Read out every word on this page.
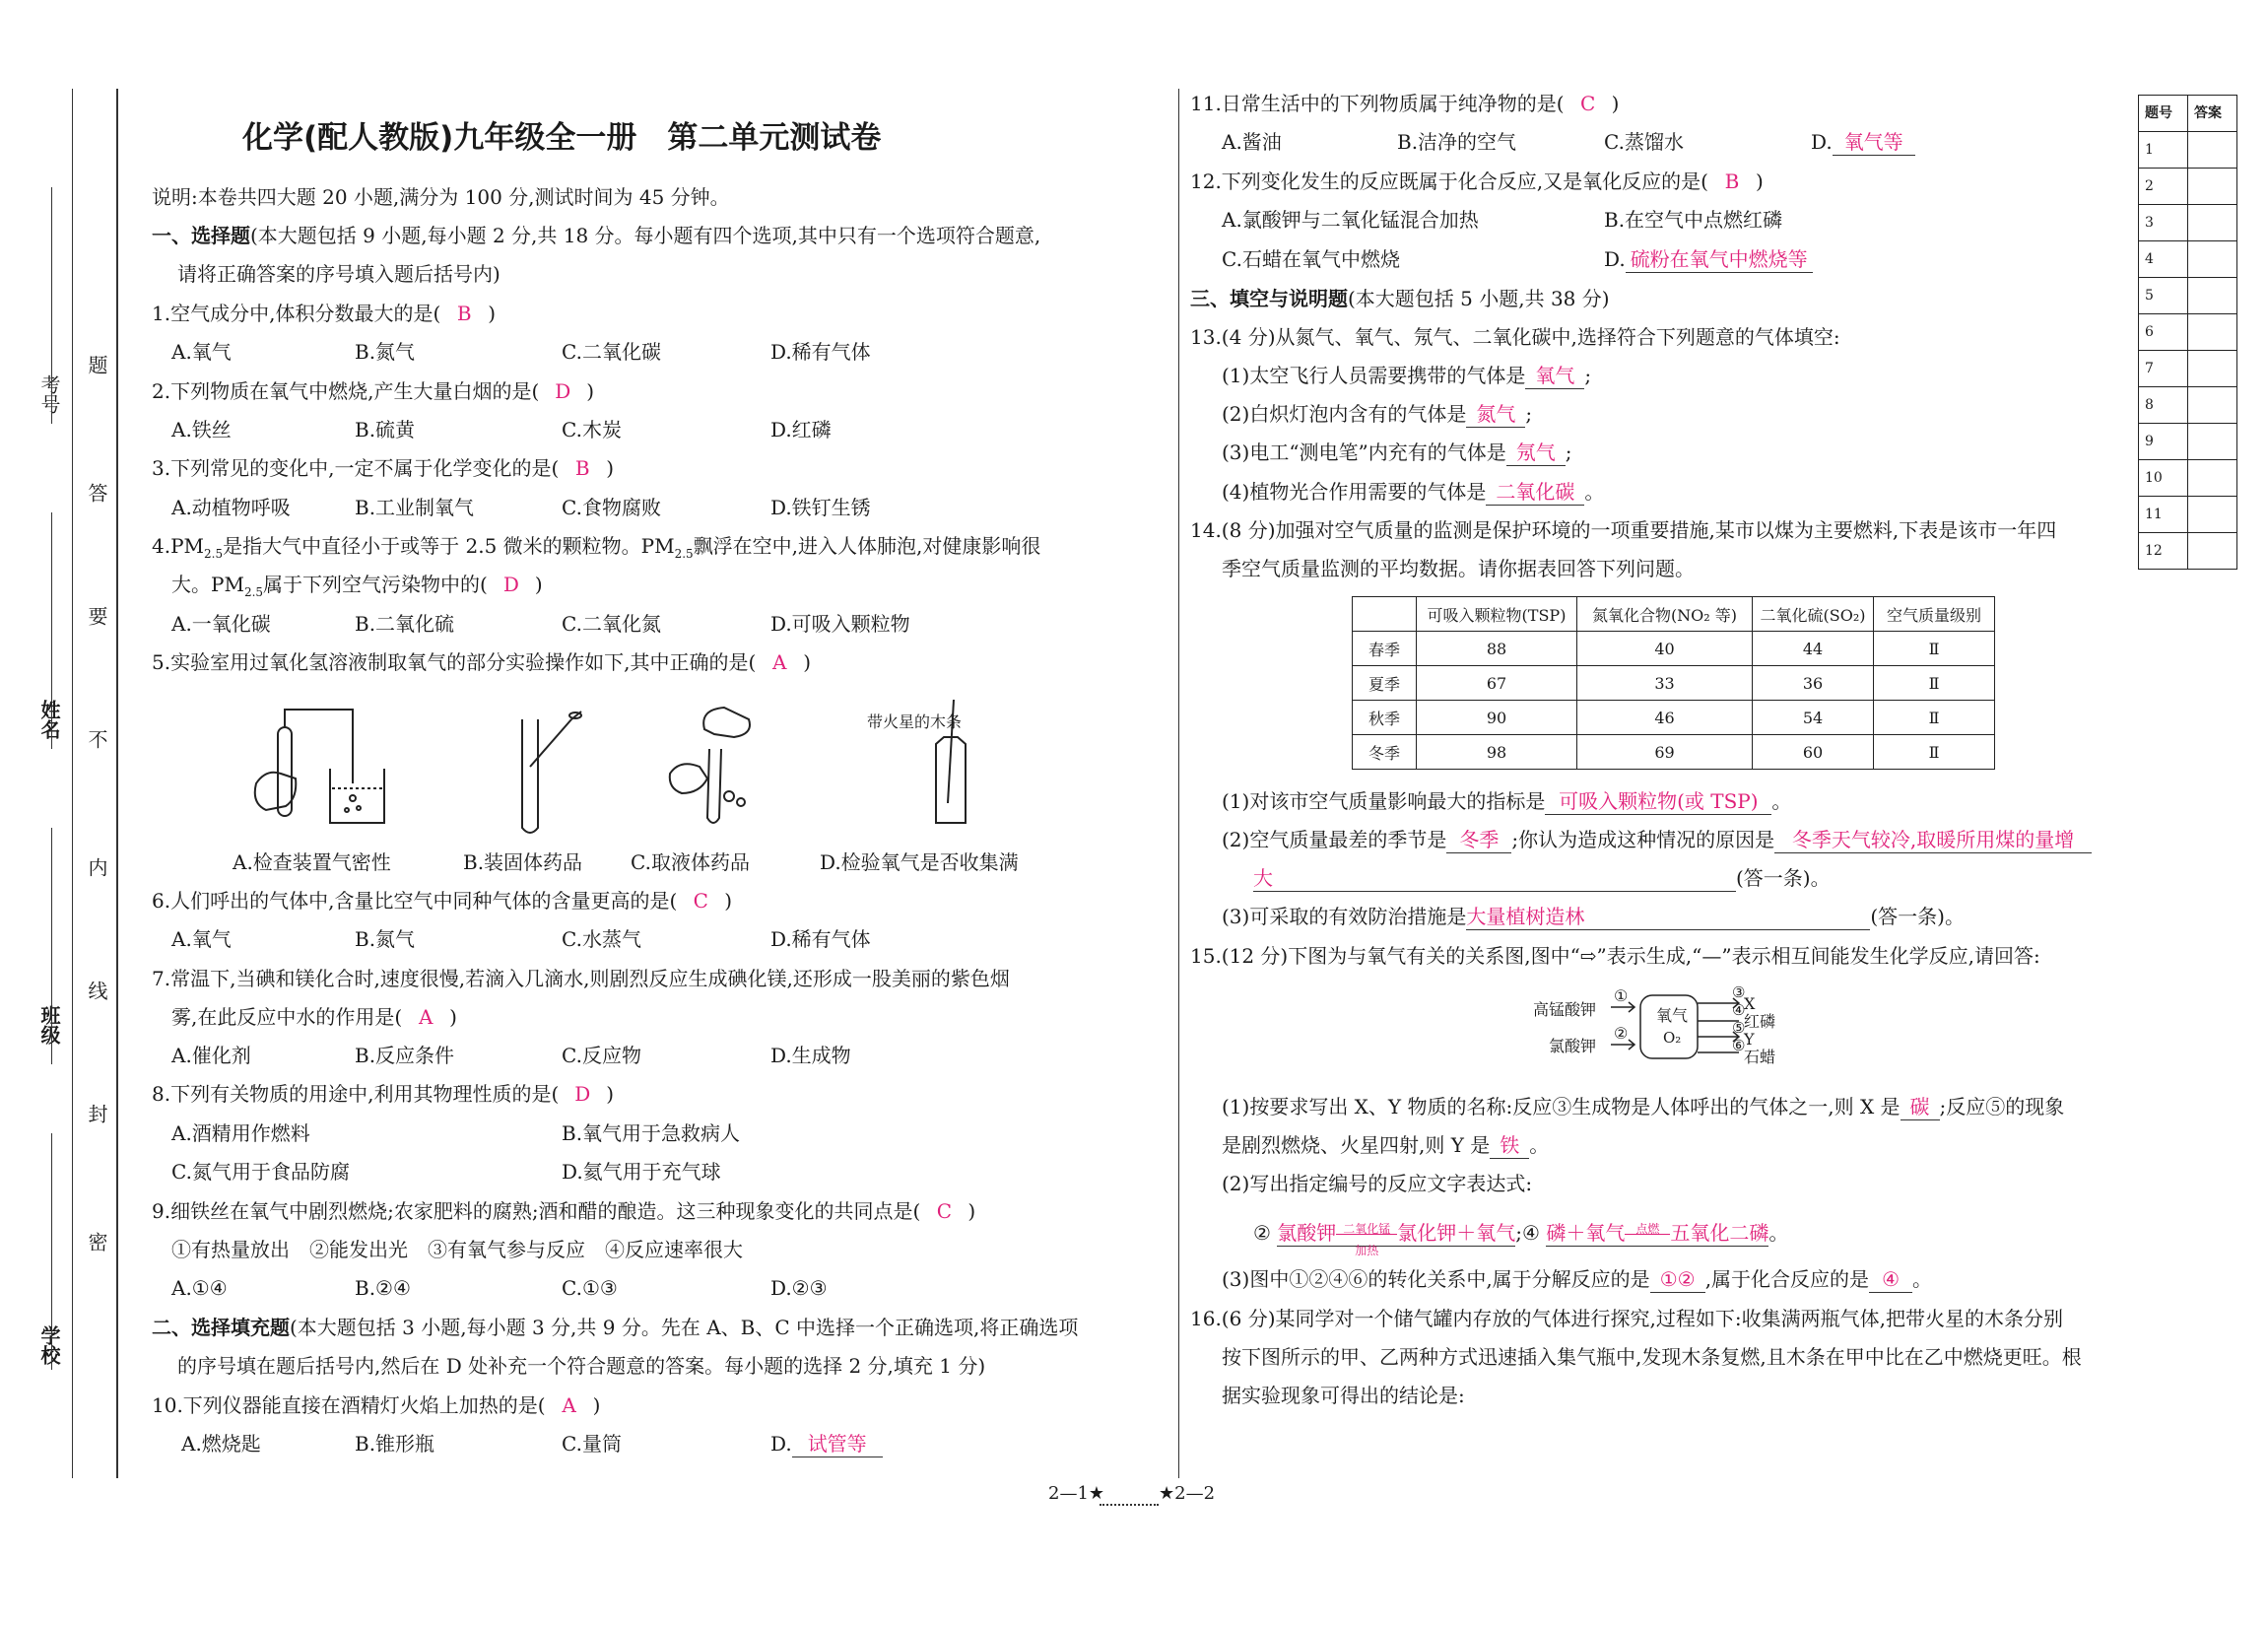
考号
姓名
班级
学校
题
答
要
不
内
线
封
密
化学(配人教版)九年级全一册　第二单元测试卷
说明:本卷共四大题 20 小题,满分为 100 分,测试时间为 45 分钟。
一、选择题(本大题包括 9 小题,每小题 2 分,共 18 分。每小题有四个选项,其中只有一个选项符合题意,
请将正确答案的序号填入题后括号内)
1.空气成分中,体积分数最大的是( B )
A.氧气	B.氮气	C.二氧化碳	D.稀有气体
2.下列物质在氧气中燃烧,产生大量白烟的是( D )
A.铁丝	B.硫黄	C.木炭	D.红磷
3.下列常见的变化中,一定不属于化学变化的是( B )
A.动植物呼吸	B.工业制氧气	C.食物腐败	D.铁钉生锈
$4.PM_{2.5}$是指大气中直径小于或等于 2.5 微米的颗粒物。$PM_{2.5}$飘浮在空中,进入人体肺泡,对健康影响很
大。$PM_{2.5}$属于下列空气污染物中的( D )
A.一氧化碳	B.二氧化硫	C.二氧化氮	D.可吸入颗粒物
5.实验室用过氧化氢溶液制取氧气的部分实验操作如下,其中正确的是( A )
带火星的木条
A.检查装置气密性	B.装固体药品 C.取液体药品	D.检验氧气是否收集满
6.人们呼出的气体中,含量比空气中同种气体的含量更高的是( C )
A.氧气	B.氮气	C.水蒸气	D.稀有气体
7.常温下,当碘和镁化合时,速度很慢,若滴入几滴水,则剧烈反应生成碘化镁,还形成一股美丽的紫色烟
雾,在此反应中水的作用是( A )
A.催化剂	B.反应条件	C.反应物	D.生成物
8.下列有关物质的用途中,利用其物理性质的是( D )
A.酒精用作燃料	B.氧气用于急救病人
C.氮气用于食品防腐	D.氦气用于充气球
9.细铁丝在氧气中剧烈燃烧;农家肥料的腐熟;酒和醋的酿造。这三种现象变化的共同点是( C )
①有热量放出　②能发出光　③有氧气参与反应　④反应速率很大
A.①④	B.②④	C.①③	D.②③
二、选择填充题(本大题包括 3 小题,每小题 3 分,共 9 分。先在 A、B、C 中选择一个正确选项,将正确选项
的序号填在题后括号内,然后在 D 处补充一个符合题意的答案。每小题的选择 2 分,填充 1 分)
10.下列仪器能直接在酒精灯火焰上加热的是( A )
A.燃烧匙	B.锥形瓶	C.量筒	D. 试管等
11.日常生活中的下列物质属于纯净物的是( C )
A.酱油	B.洁净的空气	C.蒸馏水	D. 氧气等
12.下列变化发生的反应既属于化合反应,又是氧化反应的是( B )
A.氯酸钾与二氧化锰混合加热	B.在空气中点燃红磷
C.石蜡在氧气中燃烧	D. 硫粉在氧气中燃烧等
三、填空与说明题(本大题包括 5 小题,共 38 分)
13.(4 分)从氮气、氧气、氖气、二氧化碳中,选择符合下列题意的气体填空:
(1)太空飞行人员需要携带的气体是 氧气 ;
(2)白炽灯泡内含有的气体是 氮气 ;
(3)电工“测电笔”内充有的气体是 氖气 ;
(4)植物光合作用需要的气体是 二氧化碳 。
14.(8 分)加强对空气质量的监测是保护环境的一项重要措施,某市以煤为主要燃料,下表是该市一年四
季空气质量监测的平均数据。请你据表回答下列问题。
	可吸入颗粒物(TSP)	氮氧化合物(NO₂ 等)	二氧化硫(SO₂)	空气质量级别
春季	88	40	44	Ⅱ
夏季	67	33	36	Ⅱ
秋季	90	46	54	Ⅱ
冬季	98	69	60	Ⅱ
(1)对该市空气质量影响最大的指标是 可吸入颗粒物(或 TSP) 。
(2)空气质量最差的季节是 冬季 ;你认为造成这种情况的原因是 冬季天气较冷,取暖所用煤的量增
大	(答一条)。
(3)可采取的有效防治措施是大量植树造林	(答一条)。
15.(12 分)下图为与氧气有关的关系图,图中“⇨”表示生成,“—”表示相互间能发生化学反应,请回答:
高锰酸钾
氯酸钾
①
②
氧气
O₂
③
④
⑤
⑥
X
红磷
Y
石蜡
(1)按要求写出 X、Y 物质的名称:反应③生成物是人体呼出的气体之一,则 X 是 碳 ;反应⑤的现象
是剧烈燃烧、火星四射,则 Y 是 铁 。
(2)写出指定编号的反应文字表达式:
② 氯酸钾 二氧化锰
加热
氯化钾＋氧气;④ 磷＋氧气 点燃 五氧化二磷。
(3)图中①②④⑥的转化关系中,属于分解反应的是 ①② ,属于化合反应的是 ④ 。
16.(6 分)某同学对一个储气罐内存放的气体进行探究,过程如下:收集满两瓶气体,把带火星的木条分别
按下图所示的甲、乙两种方式迅速插入集气瓶中,发现木条复燃,且木条在甲中比在乙中燃烧更旺。根
据实验现象可得出的结论是:
题号	答案
1	
2	
3	
4	
5	
6	
7	
8	
9	
10	
11	
12	
2—1★	★2—2
